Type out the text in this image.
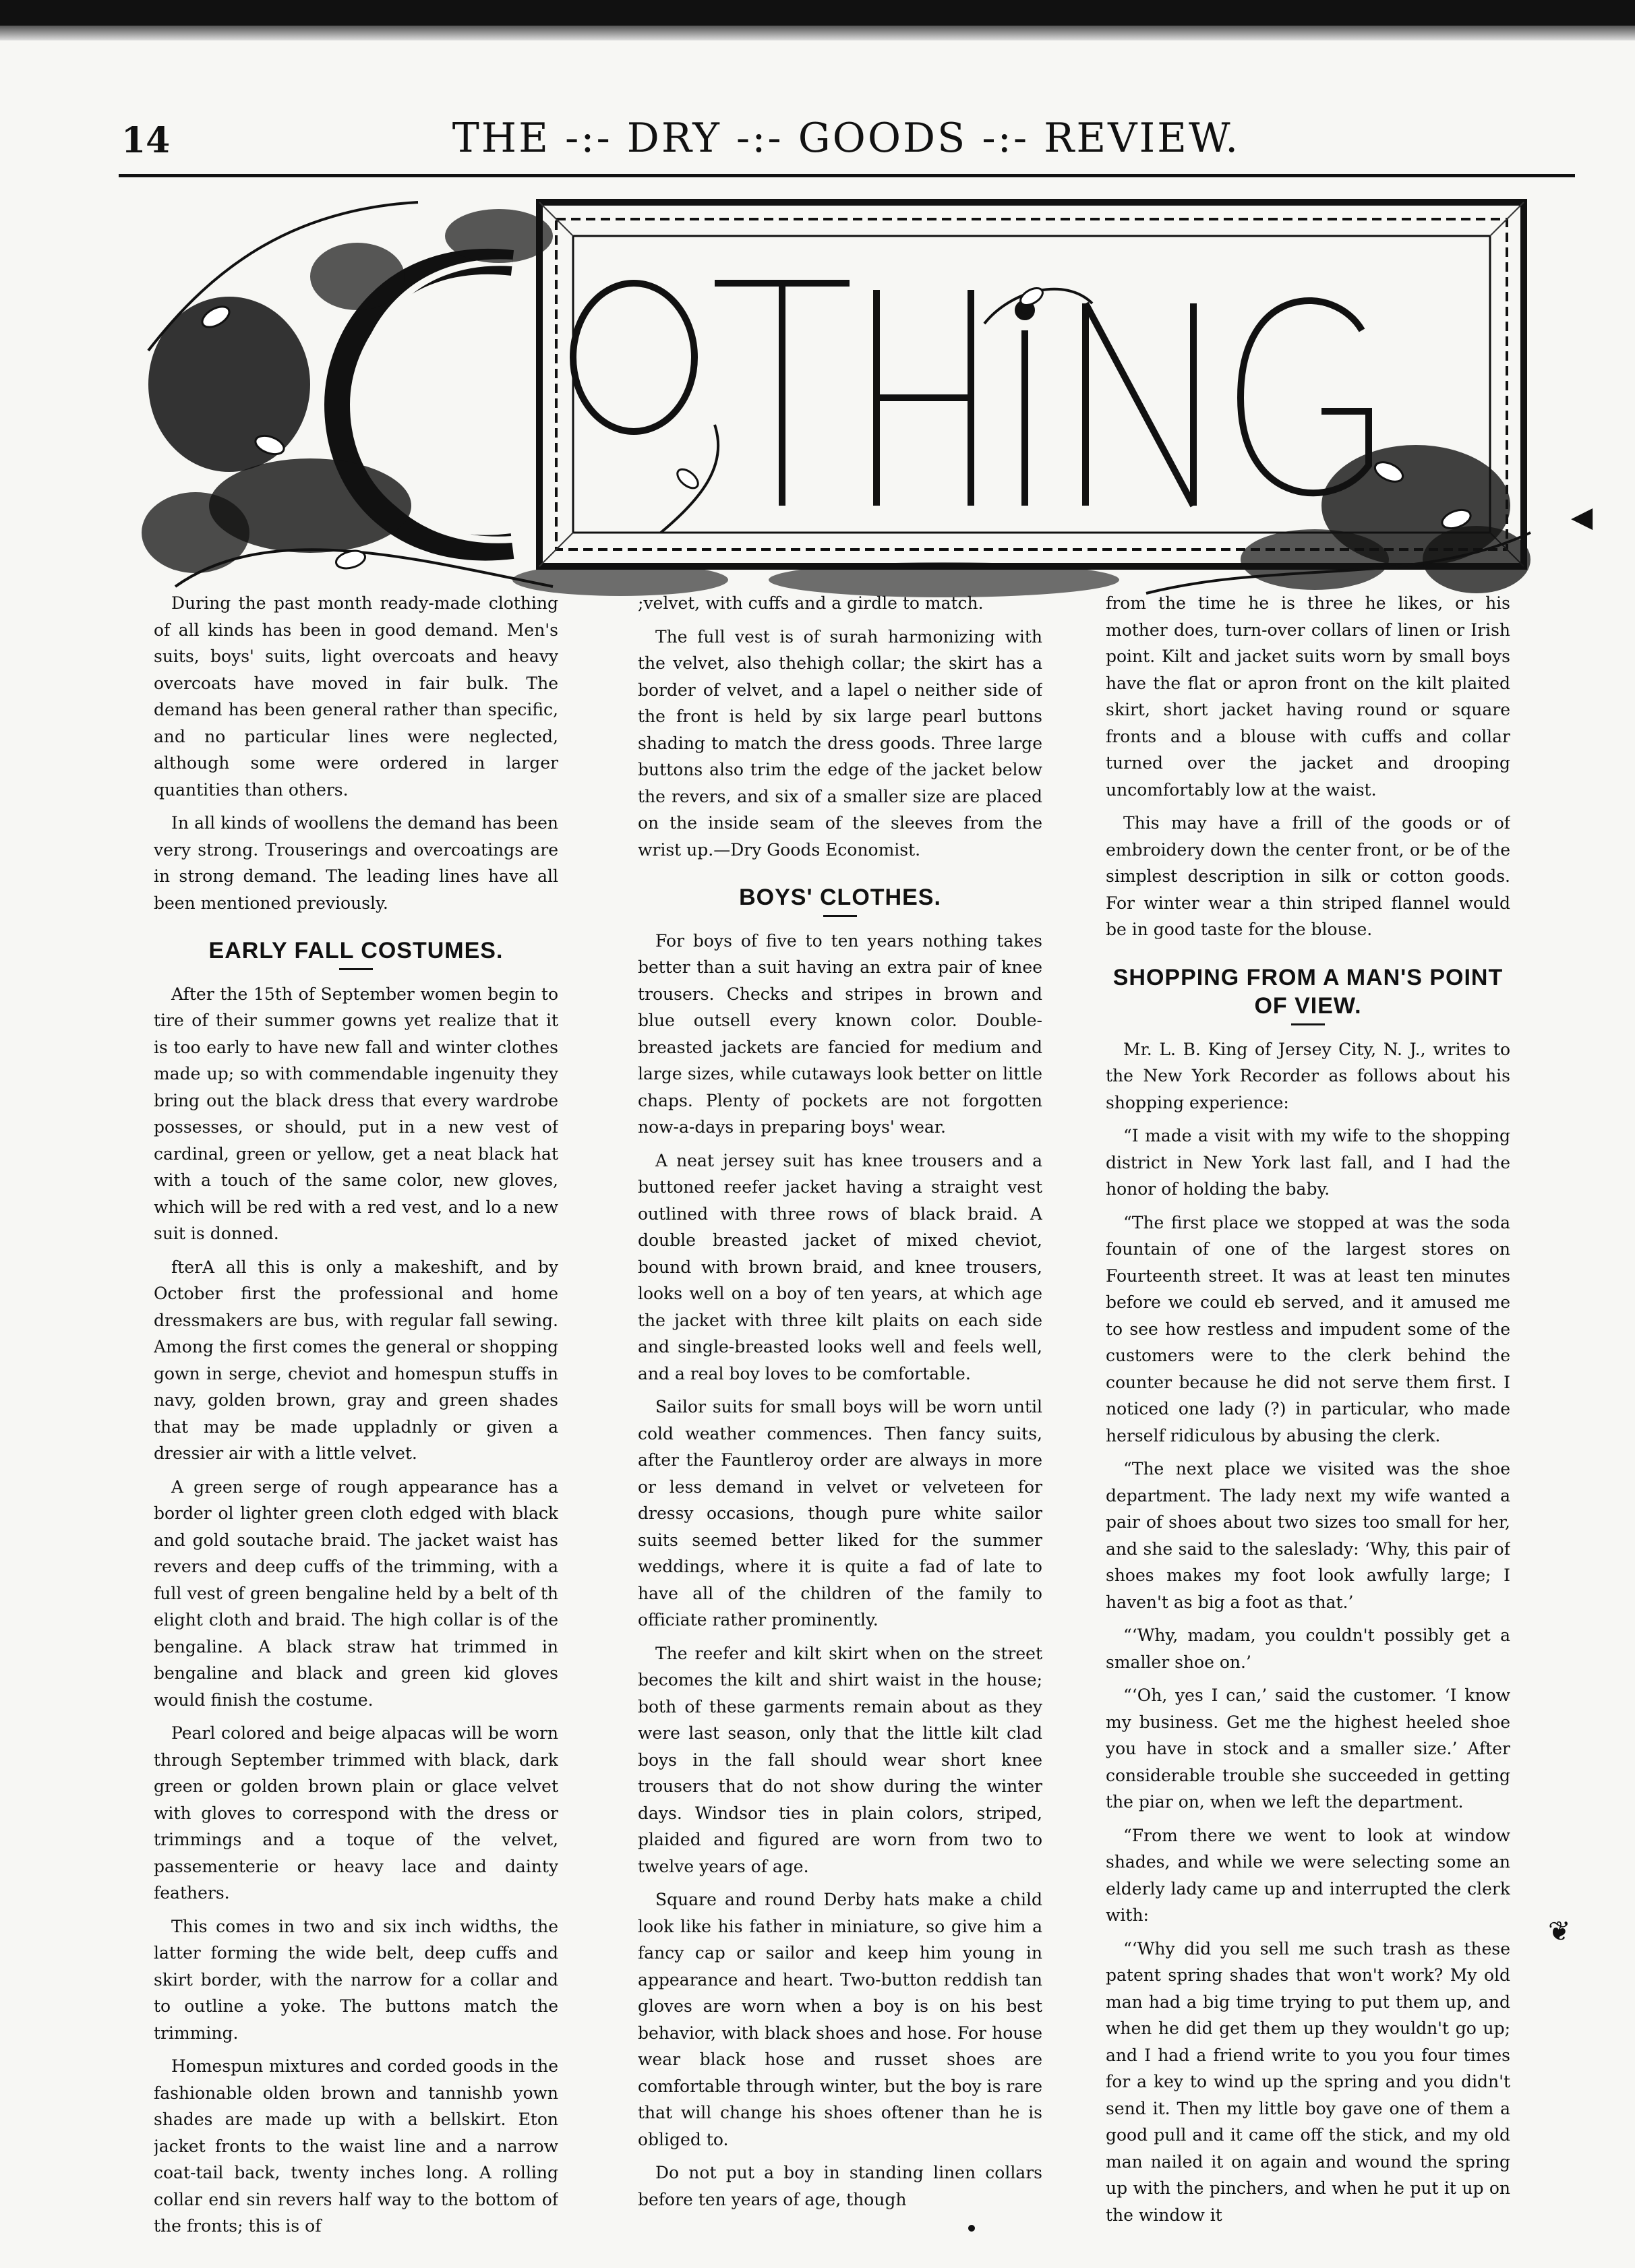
14	THE -:- DRY -:- GOODS -:- REVIEW.
◀
❦

During the past month ready-made clothing of all kinds has been in good demand. Men's suits, boys' suits, light overcoats and heavy overcoats have moved in fair bulk. The demand has been general rather than specific, and no particular lines were neglected, although some were ordered in larger quantities than others.

In all kinds of woollens the demand has been very strong. Trouserings and overcoatings are in strong demand. The leading lines have all been mentioned previously.

EARLY FALL COSTUMES.

After the 15th of September women begin to tire of their summer gowns yet realize that it is too early to have new fall and winter clothes made up; so with commendable ingenuity they bring out the black dress that every wardrobe possesses, or should, put in a new vest of cardinal, green or yellow, get a neat black hat with a touch of the same color, new gloves, which will be red with a red vest, and lo a new suit is donned.

fterA all this is only a makeshift, and by October first the professional and home dressmakers are bus, with regular fall sewing. Among the first comes the general or shopping gown in serge, cheviot and homespun stuffs in navy, golden brown, gray and green shades that may be made uppladnly or given a dressier air with a little velvet.

A green serge of rough appearance has a border ol lighter green cloth edged with black and gold soutache braid. The jacket waist has revers and deep cuffs of the trimming, with a full vest of green bengaline held by a belt of th elight cloth and braid. The high collar is of the bengaline. A black straw hat trimmed in bengaline and black and green kid gloves would finish the costume.

Pearl colored and beige alpacas will be worn through September trimmed with black, dark green or golden brown plain or glace velvet with gloves to correspond with the dress or trimmings and a toque of the velvet, passementerie or heavy lace and dainty feathers.

This comes in two and six inch widths, the latter forming the wide belt, deep cuffs and skirt border, with the narrow for a collar and to outline a yoke. The buttons match the trimming.

Homespun mixtures and corded goods in the fashionable olden brown and tannishb yown shades are made up with a bellskirt. Eton jacket fronts to the waist line and a narrow coat-tail back, twenty inches long. A rolling collar end sin revers half way to the bottom of the fronts; this is of

;velvet, with cuffs and a girdle to match.

The full vest is of surah harmonizing with the velvet, also thehigh collar; the skirt has a border of velvet, and a lapel o neither side of the front is held by six large pearl buttons shading to match the dress goods. Three large buttons also trim the edge of the jacket below the revers, and six of a smaller size are placed on the inside seam of the sleeves from the wrist up.—Dry Goods Economist.

BOYS' CLOTHES.

For boys of five to ten years nothing takes better than a suit having an extra pair of knee trousers. Checks and stripes in brown and blue outsell every known color. Double-breasted jackets are fancied for medium and large sizes, while cutaways look better on little chaps. Plenty of pockets are not forgotten now-a-days in preparing boys' wear.

A neat jersey suit has knee trousers and a buttoned reefer jacket having a straight vest outlined with three rows of black braid. A double breasted jacket of mixed cheviot, bound with brown braid, and knee trousers, looks well on a boy of ten years, at which age the jacket with three kilt plaits on each side and single-breasted looks well and feels well, and a real boy loves to be comfortable.

Sailor suits for small boys will be worn until cold weather commences. Then fancy suits, after the Fauntleroy order are always in more or less demand in velvet or velveteen for dressy occasions, though pure white sailor suits seemed better liked for the summer weddings, where it is quite a fad of late to have all of the children of the family to officiate rather prominently.

The reefer and kilt skirt when on the street becomes the kilt and shirt waist in the house; both of these garments remain about as they were last season, only that the little kilt clad boys in the fall should wear short knee trousers that do not show during the winter days. Windsor ties in plain colors, striped, plaided and figured are worn from two to twelve years of age.

Square and round Derby hats make a child look like his father in miniature, so give him a fancy cap or sailor and keep him young in appearance and heart. Two-button reddish tan gloves are worn when a boy is on his best behavior, with black shoes and hose. For house wear black hose and russet shoes are comfortable through winter, but the boy is rare that will change his shoes oftener than he is obliged to.

Do not put a boy in standing linen collars before ten years of age, though

from the time he is three he likes, or his mother does, turn-over collars of linen or Irish point. Kilt and jacket suits worn by small boys have the flat or apron front on the kilt plaited skirt, short jacket having round or square fronts and a blouse with cuffs and collar turned over the jacket and drooping uncomfortably low at the waist.

This may have a frill of the goods or of embroidery down the center front, or be of the simplest description in silk or cotton goods. For winter wear a thin striped flannel would be in good taste for the blouse.

SHOPPING FROM A MAN'S POINT OF VIEW.

Mr. L. B. King of Jersey City, N. J., writes to the New York Recorder as follows about his shopping experience:

“I made a visit with my wife to the shopping district in New York last fall, and I had the honor of holding the baby.

“The first place we stopped at was the soda fountain of one of the largest stores on Fourteenth street. It was at least ten minutes before we could eb served, and it amused me to see how restless and impudent some of the customers were to the clerk behind the counter because he did not serve them first. I noticed one lady (?) in particular, who made herself ridiculous by abusing the clerk.

“The next place we visited was the shoe department. The lady next my wife wanted a pair of shoes about two sizes too small for her, and she said to the saleslady: ‘Why, this pair of shoes makes my foot look awfully large; I haven't as big a foot as that.’

“‘Why, madam, you couldn't possibly get a smaller shoe on.’

“‘Oh, yes I can,’ said the customer. ‘I know my business. Get me the highest heeled shoe you have in stock and a smaller size.’ After considerable trouble she succeeded in getting the piar on, when we left the department.

“From there we went to look at window shades, and while we were selecting some an elderly lady came up and interrupted the clerk with:

“‘Why did you sell me such trash as these patent spring shades that won't work? My old man had a big time trying to put them up, and when he did get them up they wouldn't go up; and I had a friend write to you you four times for a key to wind up the spring and you didn't send it. Then my little boy gave one of them a good pull and it came off the stick, and my old man nailed it on again and wound the spring up with the pinchers, and when he put it up on the window it
